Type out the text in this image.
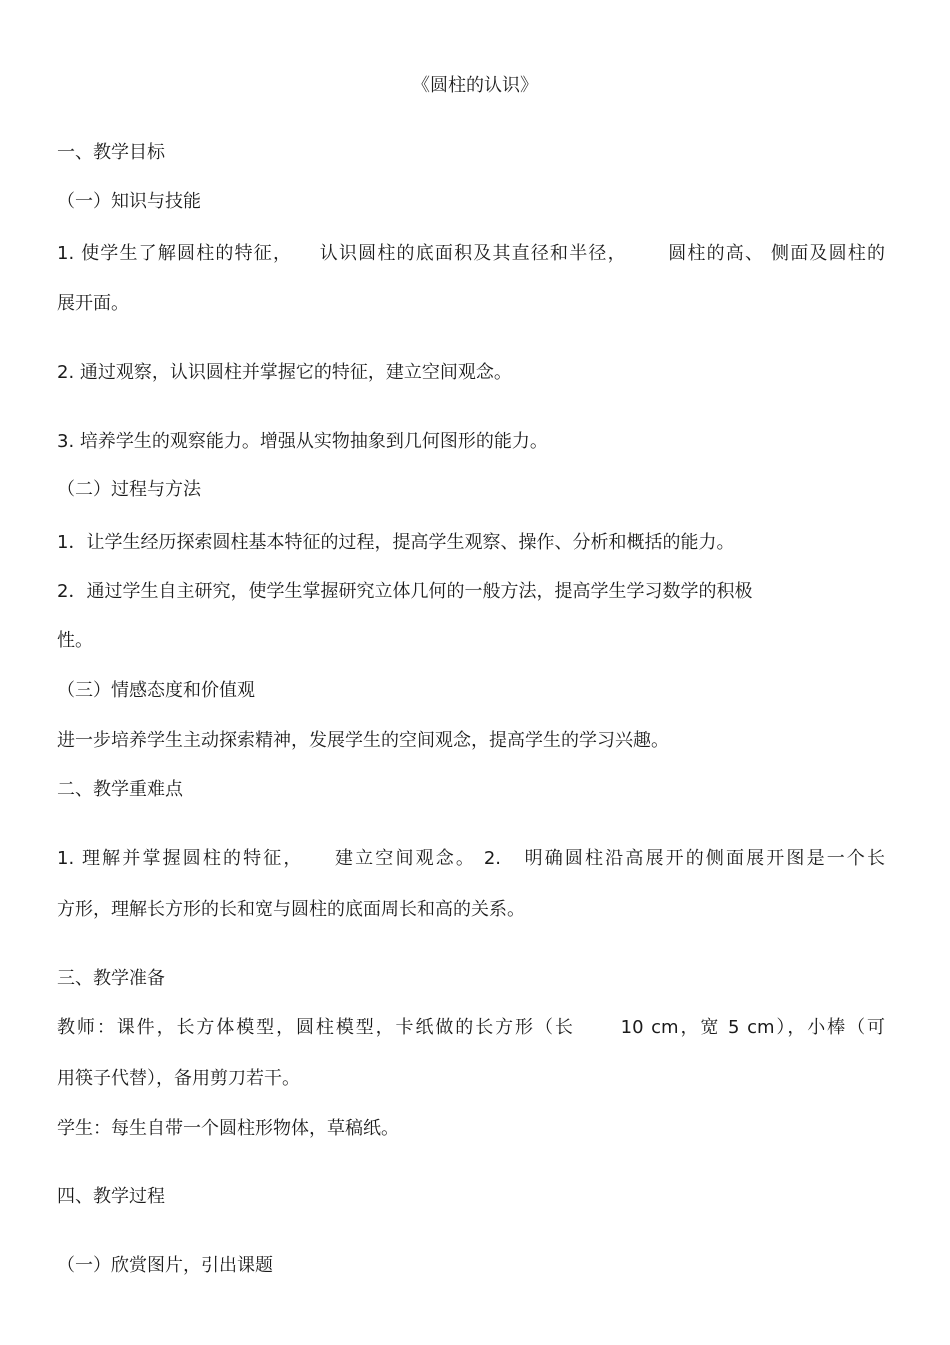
《圆柱的认识》
一、教学目标
（一）知识与技能
1. 使学生了解圆柱的特征，    认识圆柱的底面积及其直径和半径，      圆柱的高、 侧面及圆柱的
展开面。
2. 通过观察，认识圆柱并掌握它的特征，建立空间观念。
3. 培养学生的观察能力。增强从实物抽象到几何图形的能力。
（二）过程与方法
1．让学生经历探索圆柱基本特征的过程，提高学生观察、操作、分析和概括的能力。
2．通过学生自主研究，使学生掌握研究立体几何的一般方法，提高学生学习数学的积极
性。
（三）情感态度和价值观
进一步培养学生主动探索精神，发展学生的空间观念，提高学生的学习兴趣。
二、教学重难点
1. 理解并掌握圆柱的特征，    建立空间观念。 2.   明确圆柱沿高展开的侧面展开图是一个长
方形，理解长方形的长和宽与圆柱的底面周长和高的关系。
三、教学准备
教师：课件，长方体模型，圆柱模型，卡纸做的长方形（长      10 cm，宽 5 cm），小棒（可
用筷子代替），备用剪刀若干。
学生：每生自带一个圆柱形物体，草稿纸。
四、教学过程
（一）欣赏图片，引出课题
